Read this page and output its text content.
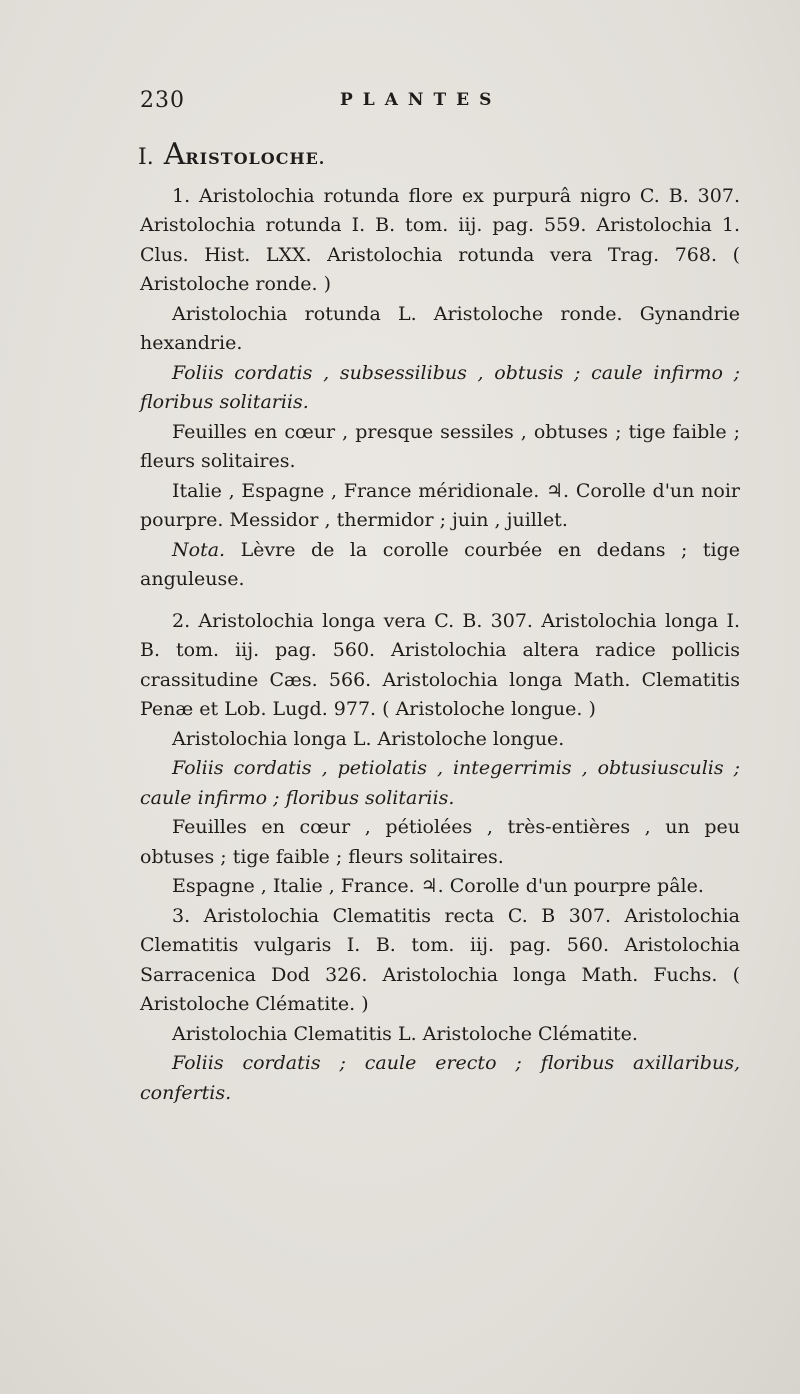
230	PLANTES
I. ARISTOLOCHE.

1. Aristolochia rotunda flore ex purpurâ nigro C. B. 307. Aristolochia rotunda I. B. tom. iij. pag. 559. Aristolochia 1. Clus. Hist. LXX. Aristolochia rotunda vera Trag. 768. ( Aristoloche ronde. )

Aristolochia rotunda L. Aristoloche ronde. Gynandrie hexandrie.

Foliis cordatis , subsessilibus , obtusis ; caule infirmo ; floribus solitariis.

Feuilles en cœur , presque sessiles , obtuses ; tige faible ; fleurs solitaires.

Italie , Espagne , France méridionale. ♃. Corolle d'un noir pourpre. Messidor , thermidor ; juin , juillet.

Nota. Lèvre de la corolle courbée en dedans ; tige anguleuse.

2. Aristolochia longa vera C. B. 307. Aristolochia longa I. B. tom. iij. pag. 560. Aristolochia altera radice pollicis crassitudine Cæs. 566. Aristolochia longa Math. Clematitis Penæ et Lob. Lugd. 977. ( Aristoloche longue. )

Aristolochia longa L. Aristoloche longue.

Foliis cordatis , petiolatis , integerrimis , obtusiusculis ; caule infirmo ; floribus solitariis.

Feuilles en cœur , pétiolées , très-entières , un peu obtuses ; tige faible ; fleurs solitaires.

Espagne , Italie , France. ♃. Corolle d'un pourpre pâle.

3. Aristolochia Clematitis recta C. B 307. Aristolochia Clematitis vulgaris I. B. tom. iij. pag. 560. Aristolochia Sarracenica Dod 326. Aristolochia longa Math. Fuchs. ( Aristoloche Clématite. )

Aristolochia Clematitis L. Aristoloche Clématite.

Foliis cordatis ; caule erecto ; floribus axillaribus, confertis.
